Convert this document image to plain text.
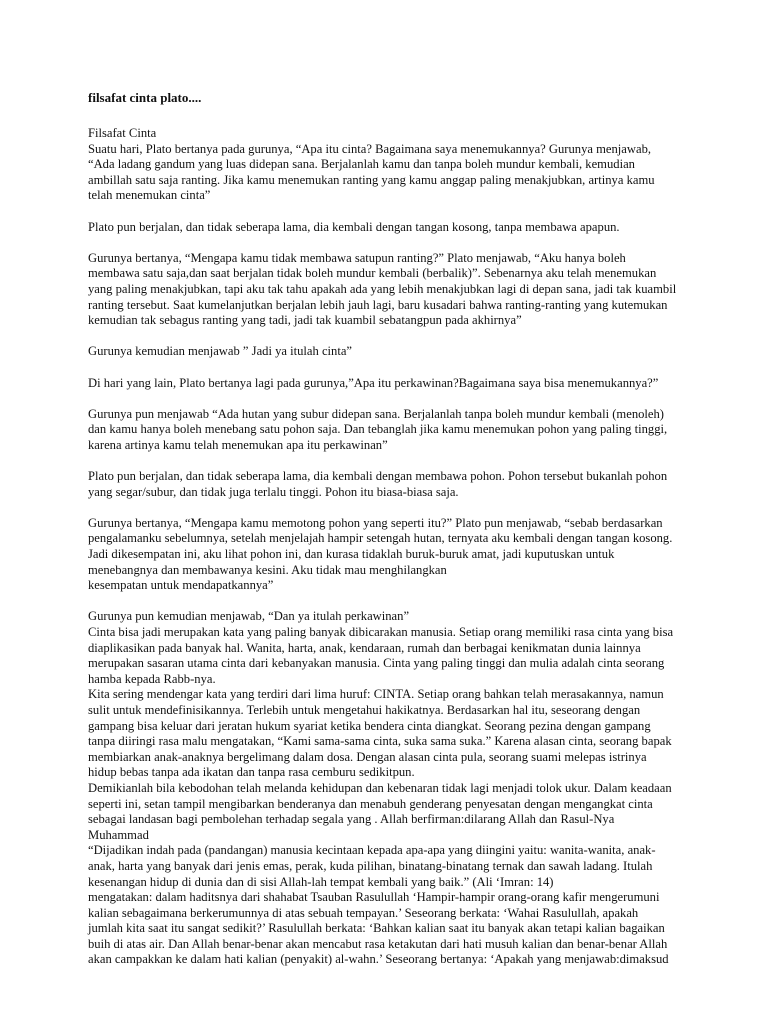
filsafat cinta plato....
Filsafat Cinta
Suatu hari, Plato bertanya pada gurunya, “Apa itu cinta? Bagaimana saya menemukannya? Gurunya menjawab,
“Ada ladang gandum yang luas didepan sana. Berjalanlah kamu dan tanpa boleh mundur kembali, kemudian
ambillah satu saja ranting. Jika kamu menemukan ranting yang kamu anggap paling menakjubkan, artinya kamu
telah menemukan cinta”
Plato pun berjalan, dan tidak seberapa lama, dia kembali dengan tangan kosong, tanpa membawa apapun.
Gurunya bertanya, “Mengapa kamu tidak membawa satupun ranting?” Plato menjawab, “Aku hanya boleh
membawa satu saja,dan saat berjalan tidak boleh mundur kembali (berbalik)”. Sebenarnya aku telah menemukan
yang paling menakjubkan, tapi aku tak tahu apakah ada yang lebih menakjubkan lagi di depan sana, jadi tak kuambil
ranting tersebut. Saat kumelanjutkan berjalan lebih jauh lagi, baru kusadari bahwa ranting-ranting yang kutemukan
kemudian tak sebagus ranting yang tadi, jadi tak kuambil sebatangpun pada akhirnya”
Gurunya kemudian menjawab ” Jadi ya itulah cinta”
Di hari yang lain, Plato bertanya lagi pada gurunya,”Apa itu perkawinan?Bagaimana saya bisa menemukannya?”
Gurunya pun menjawab “Ada hutan yang subur didepan sana. Berjalanlah tanpa boleh mundur kembali (menoleh)
dan kamu hanya boleh menebang satu pohon saja. Dan tebanglah jika kamu menemukan pohon yang paling tinggi,
karena artinya kamu telah menemukan apa itu perkawinan”
Plato pun berjalan, dan tidak seberapa lama, dia kembali dengan membawa pohon. Pohon tersebut bukanlah pohon
yang segar/subur, dan tidak juga terlalu tinggi. Pohon itu biasa-biasa saja.
Gurunya bertanya, “Mengapa kamu memotong pohon yang seperti itu?” Plato pun menjawab, “sebab berdasarkan
pengalamanku sebelumnya, setelah menjelajah hampir setengah hutan, ternyata aku kembali dengan tangan kosong.
Jadi dikesempatan ini, aku lihat pohon ini, dan kurasa tidaklah buruk-buruk amat, jadi kuputuskan untuk
menebangnya dan membawanya kesini. Aku tidak mau menghilangkan
kesempatan untuk mendapatkannya”
Gurunya pun kemudian menjawab, “Dan ya itulah perkawinan”
Cinta bisa jadi merupakan kata yang paling banyak dibicarakan manusia. Setiap orang memiliki rasa cinta yang bisa
diaplikasikan pada banyak hal. Wanita, harta, anak, kendaraan, rumah dan berbagai kenikmatan dunia lainnya
merupakan sasaran utama cinta dari kebanyakan manusia. Cinta yang paling tinggi dan mulia adalah cinta seorang
hamba kepada Rabb-nya.
Kita sering mendengar kata yang terdiri dari lima huruf: CINTA. Setiap orang bahkan telah merasakannya, namun
sulit untuk mendefinisikannya. Terlebih untuk mengetahui hakikatnya. Berdasarkan hal itu, seseorang dengan
gampang bisa keluar dari jeratan hukum syariat ketika bendera cinta diangkat. Seorang pezina dengan gampang
tanpa diiringi rasa malu mengatakan, “Kami sama-sama cinta, suka sama suka.” Karena alasan cinta, seorang bapak
membiarkan anak-anaknya bergelimang dalam dosa. Dengan alasan cinta pula, seorang suami melepas istrinya
hidup bebas tanpa ada ikatan dan tanpa rasa cemburu sedikitpun.
Demikianlah bila kebodohan telah melanda kehidupan dan kebenaran tidak lagi menjadi tolok ukur. Dalam keadaan
seperti ini, setan tampil mengibarkan benderanya dan menabuh genderang penyesatan dengan mengangkat cinta
sebagai landasan bagi pembolehan terhadap segala yang . Allah berfirman:dilarang Allah dan Rasul-Nya
Muhammad
“Dijadikan indah pada (pandangan) manusia kecintaan kepada apa-apa yang diingini yaitu: wanita-wanita, anak-
anak, harta yang banyak dari jenis emas, perak, kuda pilihan, binatang-binatang ternak dan sawah ladang. Itulah
kesenangan hidup di dunia dan di sisi Allah-lah tempat kembali yang baik.” (Ali ‘Imran: 14)
mengatakan: dalam haditsnya dari shahabat Tsauban Rasulullah ‘Hampir-hampir orang-orang kafir mengerumuni
kalian sebagaimana berkerumunnya di atas sebuah tempayan.’ Seseorang berkata: ‘Wahai Rasulullah, apakah
jumlah kita saat itu sangat sedikit?’ Rasulullah berkata: ‘Bahkan kalian saat itu banyak akan tetapi kalian bagaikan
buih di atas air. Dan Allah benar-benar akan mencabut rasa ketakutan dari hati musuh kalian dan benar-benar Allah
akan campakkan ke dalam hati kalian (penyakit) al-wahn.’ Seseorang bertanya: ‘Apakah yang menjawab:dimaksud
